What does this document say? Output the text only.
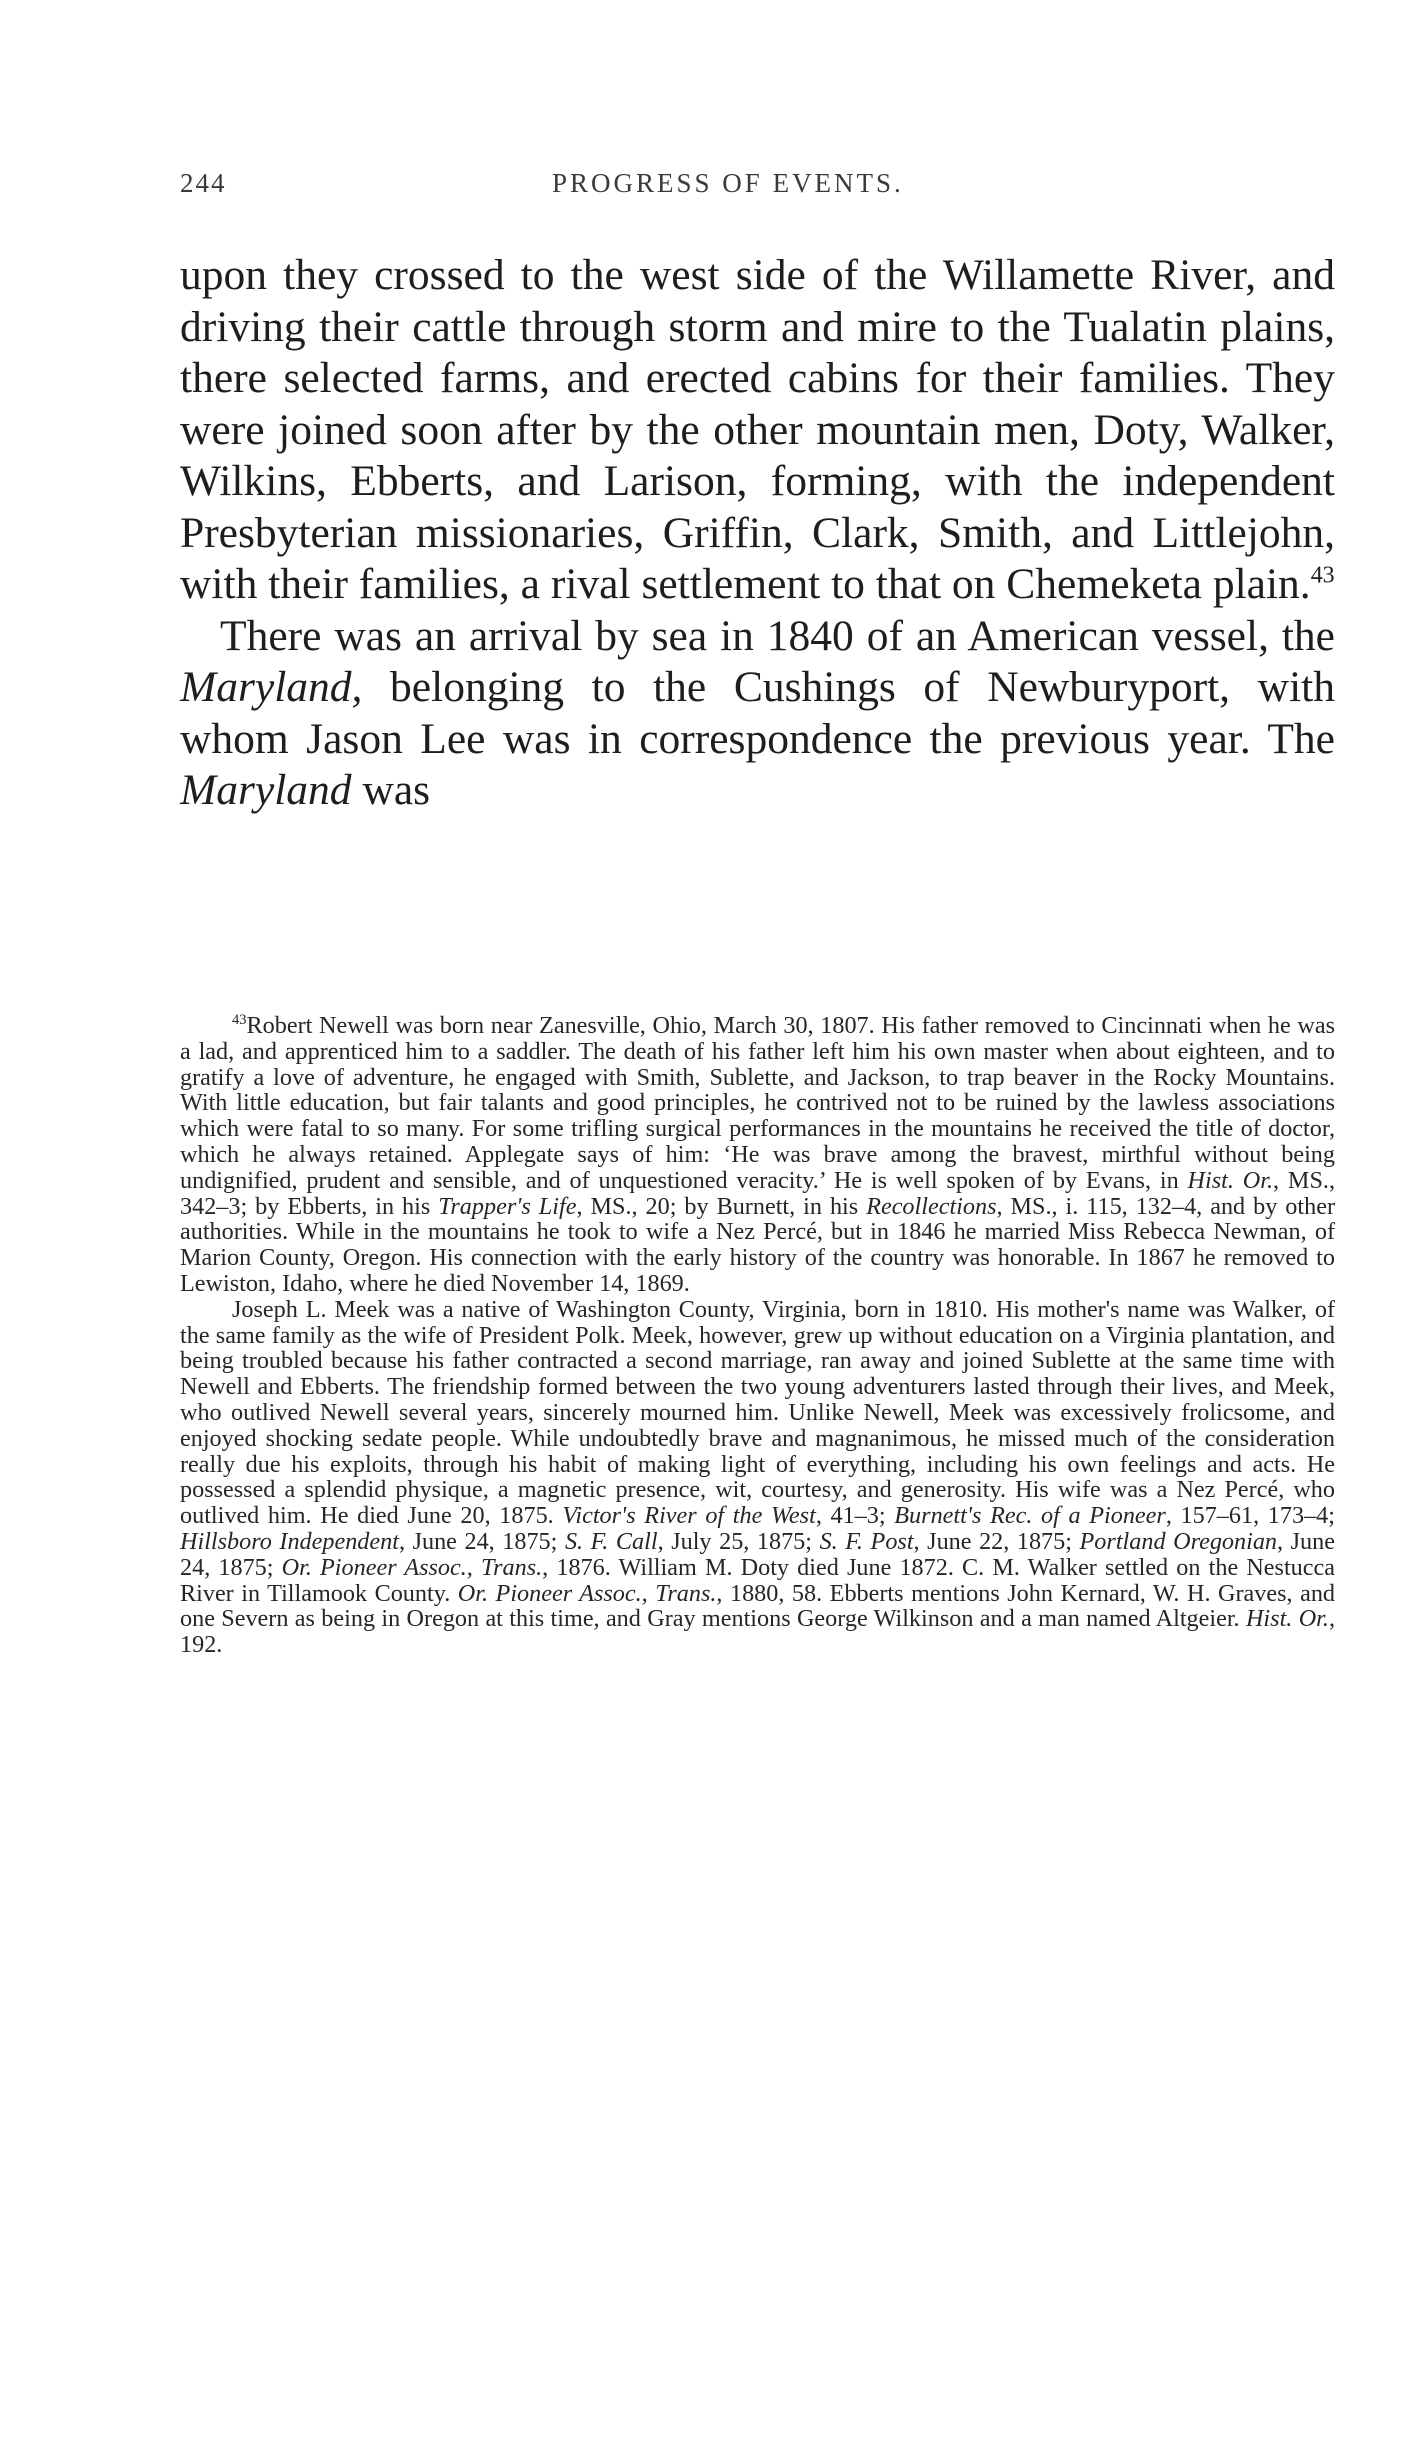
244	PROGRESS OF EVENTS.

upon they crossed to the west side of the Willamette River, and driving their cattle through storm and mire to the Tualatin plains, there selected farms, and erected cabins for their families. They were joined soon after by the other mountain men, Doty, Walker, Wilkins, Ebberts, and Larison, forming, with the independent Presbyterian missionaries, Griffin, Clark, Smith, and Littlejohn, with their families, a rival settlement to that on Chemeketa plain.$^{43}$

There was an arrival by sea in 1840 of an American vessel, the Maryland, belonging to the Cushings of Newburyport, with whom Jason Lee was in correspondence the previous year. The Maryland was

$^{43}$Robert Newell was born near Zanesville, Ohio, March 30, 1807. His father removed to Cincinnati when he was a lad, and apprenticed him to a saddler. The death of his father left him his own master when about eighteen, and to gratify a love of adventure, he engaged with Smith, Sublette, and Jackson, to trap beaver in the Rocky Mountains. With little education, but fair talants and good principles, he contrived not to be ruined by the lawless associations which were fatal to so many. For some trifling surgical performances in the mountains he received the title of doctor, which he always retained. Applegate says of him: ‘He was brave among the bravest, mirthful without being undignified, prudent and sensible, and of unquestioned veracity.’ He is well spoken of by Evans, in Hist. Or., MS., 342–3; by Ebberts, in his Trapper's Life, MS., 20; by Burnett, in his Recollections, MS., i. 115, 132–4, and by other authorities. While in the mountains he took to wife a Nez Percé, but in 1846 he married Miss Rebecca Newman, of Marion County, Oregon. His connection with the early history of the country was honorable. In 1867 he removed to Lewiston, Idaho, where he died November 14, 1869.

Joseph L. Meek was a native of Washington County, Virginia, born in 1810. His mother's name was Walker, of the same family as the wife of President Polk. Meek, however, grew up without education on a Virginia plantation, and being troubled because his father contracted a second marriage, ran away and joined Sublette at the same time with Newell and Ebberts. The friendship formed between the two young adventurers lasted through their lives, and Meek, who outlived Newell several years, sincerely mourned him. Unlike Newell, Meek was excessively frolicsome, and enjoyed shocking sedate people. While undoubtedly brave and magnanimous, he missed much of the consideration really due his exploits, through his habit of making light of everything, including his own feelings and acts. He possessed a splendid physique, a magnetic presence, wit, courtesy, and generosity. His wife was a Nez Percé, who outlived him. He died June 20, 1875. Victor's River of the West, 41–3; Burnett's Rec. of a Pioneer, 157–61, 173–4; Hillsboro Independent, June 24, 1875; S. F. Call, July 25, 1875; S. F. Post, June 22, 1875; Portland Oregonian, June 24, 1875; Or. Pioneer Assoc., Trans., 1876. William M. Doty died June 1872. C. M. Walker settled on the Nestucca River in Tillamook County. Or. Pioneer Assoc., Trans., 1880, 58. Ebberts mentions John Kernard, W. H. Graves, and one Severn as being in Oregon at this time, and Gray mentions George Wilkinson and a man named Altgeier. Hist. Or., 192.
